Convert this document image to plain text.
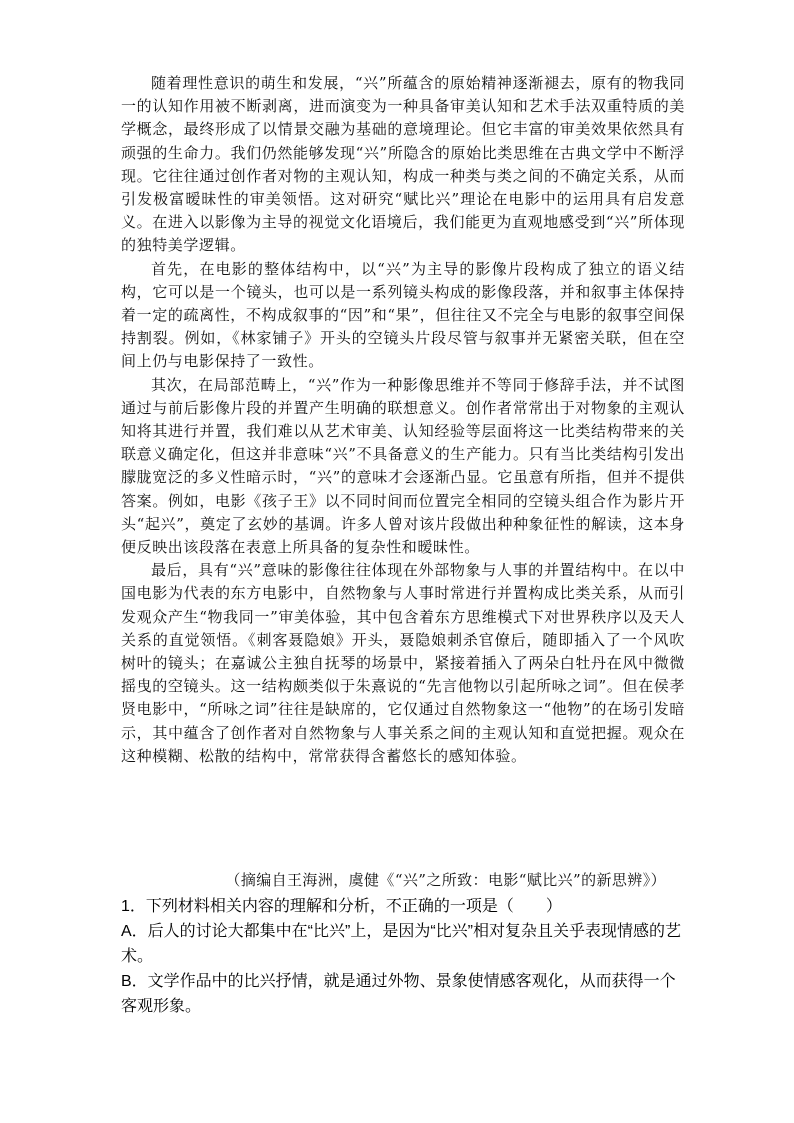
随着理性意识的萌生和发展，“兴”所蕴含的原始精神逐渐褪去，原有的物我同一的认知作用被不断剥离，进而演变为一种具备审美认知和艺术手法双重特质的美学概念，最终形成了以情景交融为基础的意境理论。但它丰富的审美效果依然具有顽强的生命力。我们仍然能够发现“兴”所隐含的原始比类思维在古典文学中不断浮现。它往往通过创作者对物的主观认知，构成一种类与类之间的不确定关系，从而引发极富暧昧性的审美领悟。这对研究“赋比兴”理论在电影中的运用具有启发意义。在进入以影像为主导的视觉文化语境后，我们能更为直观地感受到“兴”所体现的独特美学逻辑。

首先，在电影的整体结构中，以“兴”为主导的影像片段构成了独立的语义结构，它可以是一个镜头，也可以是一系列镜头构成的影像段落，并和叙事主体保持着一定的疏离性，不构成叙事的“因”和“果”，但往往又不完全与电影的叙事空间保持割裂。例如，《林家铺子》开头的空镜头片段尽管与叙事并无紧密关联，但在空间上仍与电影保持了一致性。

其次，在局部范畴上，“兴”作为一种影像思维并不等同于修辞手法，并不试图通过与前后影像片段的并置产生明确的联想意义。创作者常常出于对物象的主观认知将其进行并置，我们难以从艺术审美、认知经验等层面将这一比类结构带来的关联意义确定化，但这并非意味“兴”不具备意义的生产能力。只有当比类结构引发出朦胧宽泛的多义性暗示时，“兴”的意味才会逐渐凸显。它虽意有所指，但并不提供答案。例如，电影《孩子王》以不同时间而位置完全相同的空镜头组合作为影片开头“起兴”，奠定了玄妙的基调。许多人曾对该片段做出种种象征性的解读，这本身便反映出该段落在表意上所具备的复杂性和暧昧性。

最后，具有“兴”意味的影像往往体现在外部物象与人事的并置结构中。在以中国电影为代表的东方电影中，自然物象与人事时常进行并置构成比类关系，从而引发观众产生“物我同一”审美体验，其中包含着东方思维模式下对世界秩序以及天人关系的直觉领悟。《刺客聂隐娘》开头，聂隐娘刺杀官僚后，随即插入了一个风吹树叶的镜头；在嘉诚公主独自抚琴的场景中，紧接着插入了两朵白牡丹在风中微微摇曳的空镜头。这一结构颇类似于朱熹说的“先言他物以引起所咏之词”。但在侯孝贤电影中，“所咏之词”往往是缺席的，它仅通过自然物象这一“他物”的在场引发暗示，其中蕴含了创作者对自然物象与人事关系之间的主观认知和直觉把握。观众在这种模糊、松散的结构中，常常获得含蓄悠长的感知体验。

（摘编自王海洲，虞健《“兴”之所致：电影“赋比兴”的新思辨》）
1．下列材料相关内容的理解和分析，不正确的一项是（　　）
A．后人的讨论大都集中在“比兴”上，是因为“比兴”相对复杂且关乎表现情感的艺术。
B．文学作品中的比兴抒情，就是通过外物、景象使情感客观化，从而获得一个客观形象。
